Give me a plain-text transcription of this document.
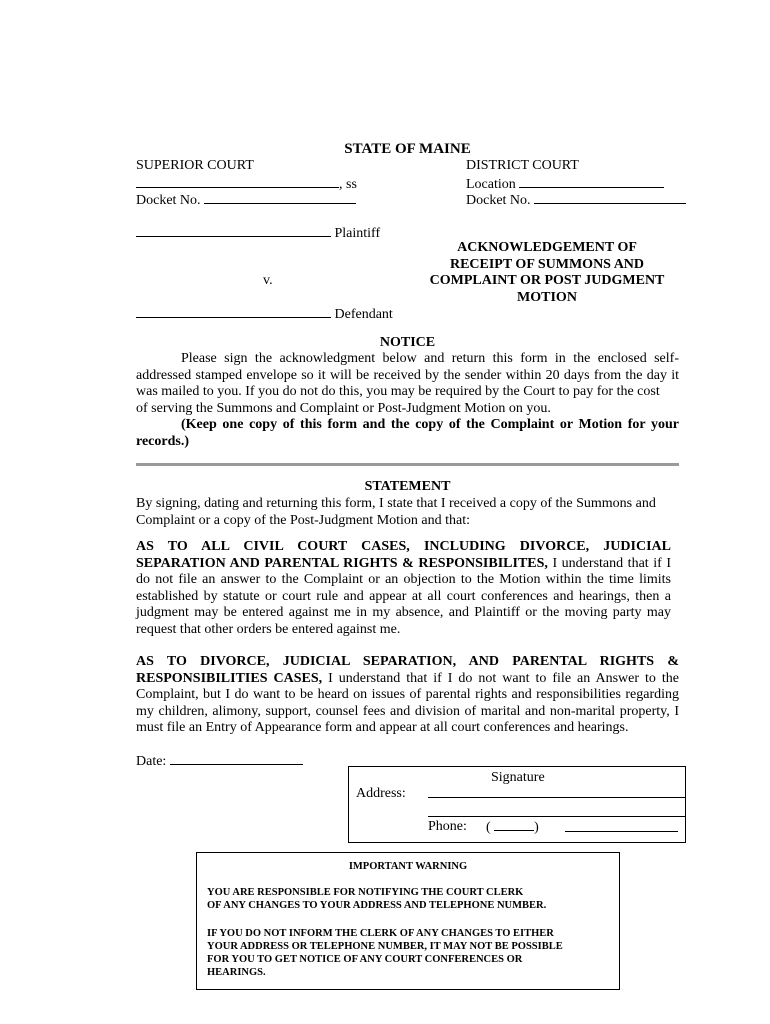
STATE OF MAINE
SUPERIOR COURT
, ss
Docket No.
DISTRICT COURT
Location
Docket No.
Plaintiff
v.
Defendant
ACKNOWLEDGEMENT OF
RECEIPT OF SUMMONS AND
COMPLAINT OR POST JUDGMENT
MOTION
NOTICE
Please sign the acknowledgment below and return this form in the enclosed self-
addressed stamped envelope so it will be received by the sender within 20 days from the day it
was mailed to you. If you do not do this, you may be required by the Court to pay for the cost
of serving the Summons and Complaint or Post-Judgment Motion on you.
(Keep one copy of this form and the copy of the Complaint or Motion for your
records.)
STATEMENT
By signing, dating and returning this form, I state that I received a copy of the Summons and
Complaint or a copy of the Post-Judgment Motion and that:
AS TO ALL CIVIL COURT CASES, INCLUDING DIVORCE, JUDICIAL
SEPARATION AND PARENTAL RIGHTS & RESPONSIBILITES, I understand that if I
do not file an answer to the Complaint or an objection to the Motion within the time limits
established by statute or court rule and appear at all court conferences and hearings, then a
judgment may be entered against me in my absence, and Plaintiff or the moving party may
request that other orders be entered against me.
AS TO DIVORCE, JUDICIAL SEPARATION, AND PARENTAL RIGHTS &
RESPONSIBILITIES CASES, I understand that if I do not want to file an Answer to the
Complaint, but I do want to be heard on issues of parental rights and responsibilities regarding
my children, alimony, support, counsel fees and division of marital and non-marital property, I
must file an Entry of Appearance form and appear at all court conferences and hearings.
Date:
Signature
Address:
Phone: (	)
IMPORTANT WARNING
YOU ARE RESPONSIBLE FOR NOTIFYING THE COURT CLERK
OF ANY CHANGES TO YOUR ADDRESS AND TELEPHONE NUMBER.
IF YOU DO NOT INFORM THE CLERK OF ANY CHANGES TO EITHER
YOUR ADDRESS OR TELEPHONE NUMBER, IT MAY NOT BE POSSIBLE
FOR YOU TO GET NOTICE OF ANY COURT CONFERENCES OR
HEARINGS.
